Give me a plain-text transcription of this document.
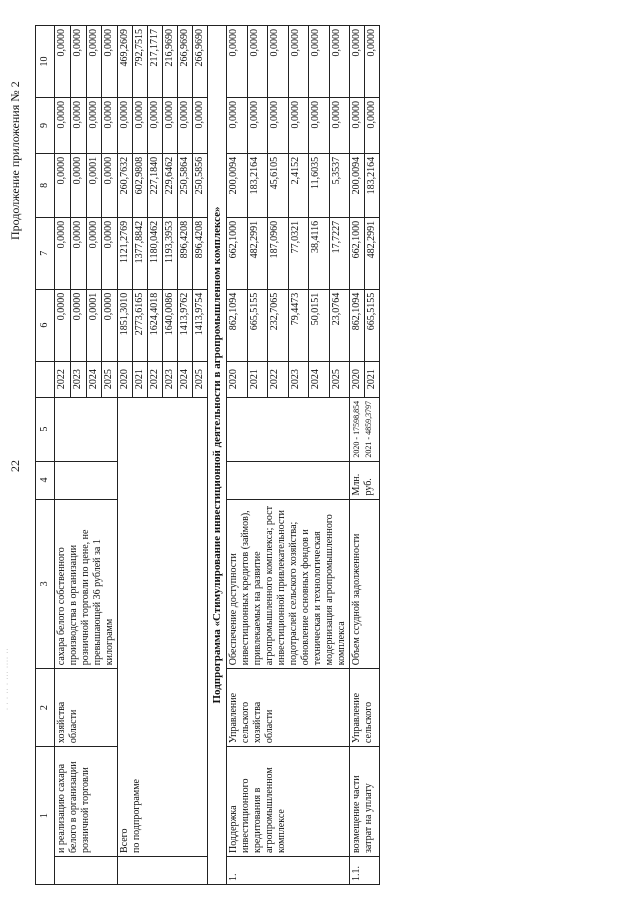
· · · ·· · ··· ···· ··
22
Продолжение приложения № 2
1		2	3	4	5		6	7	8	9	10
	и реализацию сахара белого в организации розничной торговли	хозяйства области	сахара белого собственного производства в организации розничной торговли по цене, не превышающей 36 рублей за 1 килограмм			2022	0,0000	0,0000	0,0000	0,0000	0,0000
						2023	0,0000	0,0000	0,0000	0,0000	0,0000
						2024	0,0001	0,0000	0,0001	0,0000	0,0000
						2025	0,0000	0,0000	0,0000	0,0000	0,0000

	Всего по подпрограмме					2020	1851,3010	1121,2769	260,7632	0,0000	469,2609
						2021	2773,6165	1377,8842	602,9808	0,0000	792,7515
						2022	1624,4018	1180,0462	227,1840	0,0000	217,1717
						2023	1640,0086	1193,3953	229,6462	0,0000	216,9690
						2024	1413,9762	896,4208	250,5864	0,0000	266,9690
						2025	1413,9754	896,4208	250,5856	0,0000	266,9690
Подпрограмма «Стимулирование инвестиционной деятельности в агропромышленном комплексе»											
1.	Поддержка инвестиционного кредитования в агропромышленном комплексе	Управление сельского хозяйства области	Обеспечение доступности инвестиционных кредитов (займов), привлекаемых на развитие агропромышленного комплекса; рост инвестиционной привлекательности подотраслей сельского хозяйства; обновление основных фондов и техническая и технологическая модернизация агропромышленного комплекса			2020	862,1094	662,1000	200,0094	0,0000	0,0000
						2021	665,5155	482,2991	183,2164	0,0000	0,0000
						2022	232,7065	187,0960	45,6105	0,0000	0,0000
						2023	79,4473	77,0321	2,4152	0,0000	0,0000
						2024	50,0151	38,4116	11,6035	0,0000	0,0000
						2025	23,0764	17,7227	5,3537	0,0000	0,0000
1.1.	возмещение части затрат на уплату	Управление сельского	Объем ссудной задолженности	Млн. руб.	2020 - 17598,854 2021 - 4859,3797	2020	862,1094	662,1000	200,0094	0,0000	0,0000
						2021	665,5155	482,2991	183,2164	0,0000	0,0000
